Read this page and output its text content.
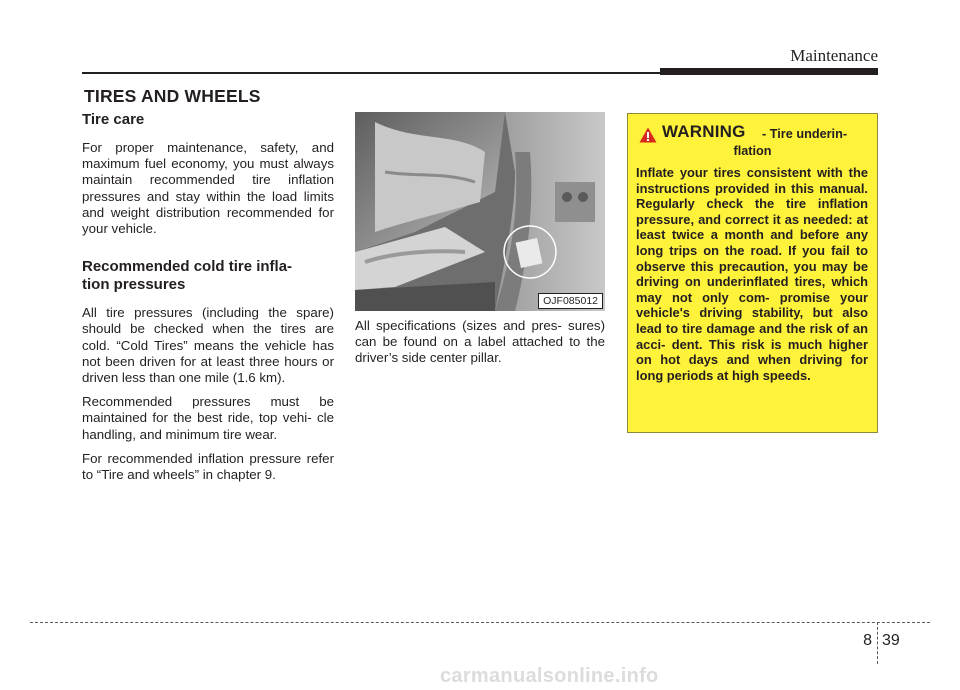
Maintenance
TIRES AND WHEELS
Tire care

For proper maintenance, safety, and maximum fuel economy, you must always maintain recommended tire inflation pressures and stay within the load limits and weight distribution recommended for your vehicle.

Recommended cold tire infla- tion pressures

All tire pressures (including the spare) should be checked when the tires are cold. “Cold Tires” means the vehicle has not been driven for at least three hours or driven less than one mile (1.6 km).

Recommended pressures must be maintained for the best ride, top vehi- cle handling, and minimum tire wear.

For recommended inflation pressure refer to “Tire and wheels” in chapter 9.

OJF085012

All specifications (sizes and pres- sures) can be found on a label attached to the driver’s side center pillar.

WARNING - Tire underin-
flation

Inflate your tires consistent with the instructions provided in this manual. Regularly check the tire inflation pressure, and correct it as needed: at least twice a month and before any long trips on the road. If you fail to observe this precaution, you may be driving on underinflated tires, which may not only com- promise your vehicle's driving stability, but also lead to tire damage and the risk of an acci- dent. This risk is much higher on hot days and when driving for long periods at high speeds.

8 39
carmanualsonline.info
